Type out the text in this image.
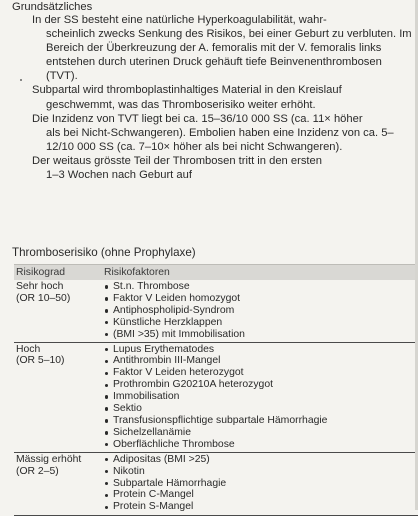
Grundsätzliches

In der SS besteht eine natürliche Hyperkoagulabilität, wahr-

scheinlich zwecks Senkung des Risikos, bei einer Geburt zu verbluten. Im Bereich der Überkreuzung der A. femoralis mit der V. femoralis links entstehen durch uterinen Druck gehäuft tiefe Beinvenenthrombosen (TVT).

Subpartal wird thromboplastinhaltiges Material in den Kreislauf

geschwemmt, was das Thromboserisiko weiter erhöht.

Die Inzidenz von TVT liegt bei ca. 15–36/10 000 SS (ca. 11× höher

als bei Nicht-Schwangeren). Embolien haben eine Inzidenz von ca. 5–12/10 000 SS (ca. 7–10× höher als bei nicht Schwangeren).

Der weitaus grösste Teil der Thrombosen tritt in den ersten

1–3 Wochen nach Geburt auf

Thromboserisiko (ohne Prophylaxe)
Risikograd	Risikofaktoren
Sehr hoch
(OR 10–50)
St.n. Thrombose
Faktor V Leiden homozygot
Antiphospholipid-Syndrom
Künstliche Herzklappen
(BMI >35) mit Immobilisation
Hoch
(OR 5–10)
Lupus Erythematodes
Antithrombin III-Mangel
Faktor V Leiden heterozygot
Prothrombin G20210A heterozygot
Immobilisation
Sektio
Transfusionspflichtige subpartale Hämorrhagie
Sichelzellanämie
Oberflächliche Thrombose
Mässig erhöht
(OR 2–5)
Adipositas (BMI >25)
Nikotin
Subpartale Hämorrhagie
Protein C-Mangel
Protein S-Mangel
